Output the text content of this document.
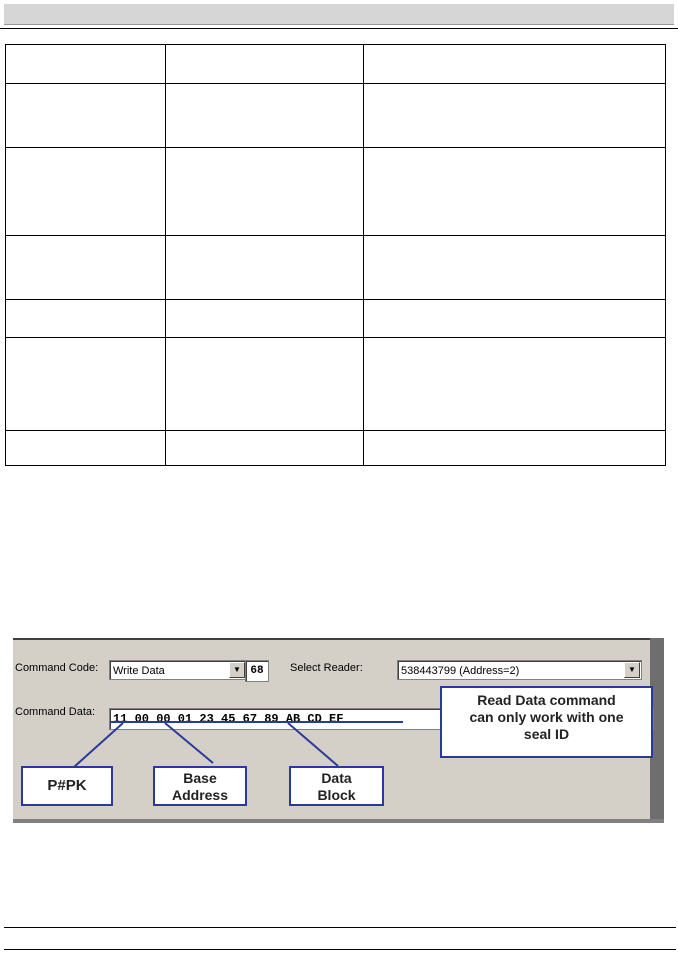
Command Code:	Write Data	▼ 68	Select Reader:	538443799 (Address=2)	▼
Command Data:	11 00 00 01 23 45 67 89 AB CD EF
Read Data command
can only work with one
seal ID
P#PK	Base
Address
Data
Block
